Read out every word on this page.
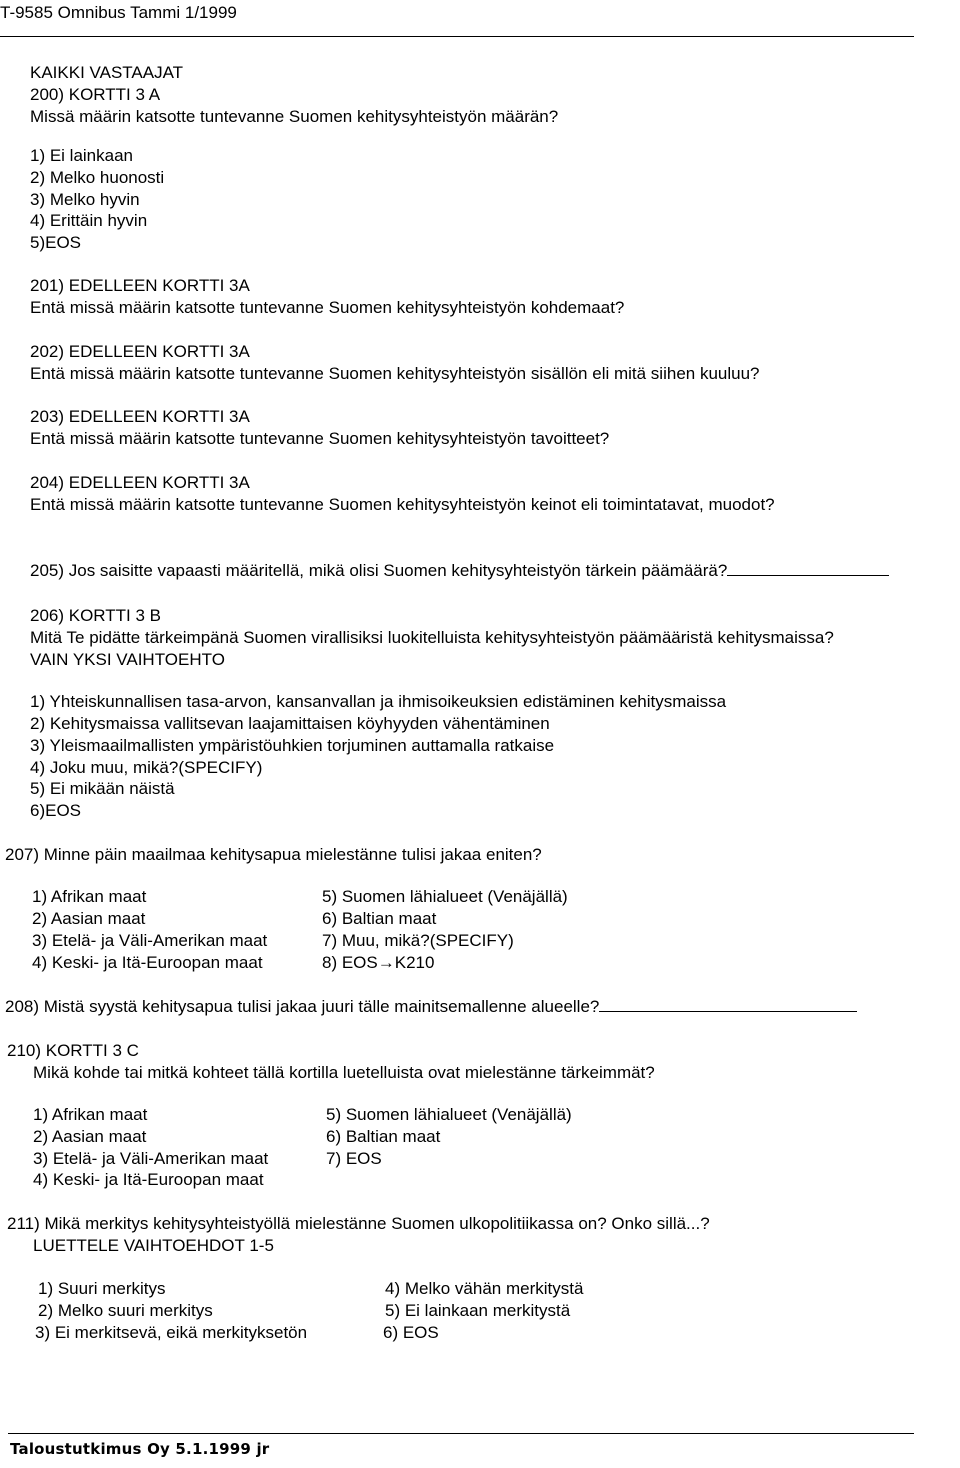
T-9585 Omnibus Tammi 1/1999
KAIKKI VASTAAJAT
200) KORTTI 3 A
Missä määrin katsotte tuntevanne Suomen kehitysyhteistyön määrän?
1) Ei lainkaan
2) Melko huonosti
3) Melko hyvin
4) Erittäin hyvin
5)EOS
201) EDELLEEN KORTTI 3A
Entä missä määrin katsotte tuntevanne Suomen kehitysyhteistyön kohdemaat?
202) EDELLEEN KORTTI 3A
Entä missä määrin katsotte tuntevanne Suomen kehitysyhteistyön sisällön eli mitä siihen kuuluu?
203) EDELLEEN KORTTI 3A
Entä missä määrin katsotte tuntevanne Suomen kehitysyhteistyön tavoitteet?
204) EDELLEEN KORTTI 3A
Entä missä määrin katsotte tuntevanne Suomen kehitysyhteistyön keinot eli toimintatavat, muodot?
205) Jos saisitte vapaasti määritellä, mikä olisi Suomen kehitysyhteistyön tärkein päämäärä?
206) KORTTI 3 B
Mitä Te pidätte tärkeimpänä Suomen virallisiksi luokitelluista kehitysyhteistyön päämääristä kehitysmaissa?
VAIN YKSI VAIHTOEHTO
1) Yhteiskunnallisen tasa-arvon, kansanvallan ja ihmisoikeuksien edistäminen kehitysmaissa
2) Kehitysmaissa vallitsevan laajamittaisen köyhyyden vähentäminen
3) Yleismaailmallisten ympäristöuhkien torjuminen auttamalla ratkaise
4) Joku muu, mikä?(SPECIFY)
5) Ei mikään näistä
6)EOS
207) Minne päin maailmaa kehitysapua mielestänne tulisi jakaa eniten?
1) Afrikan maat
2) Aasian maat
3) Etelä- ja Väli-Amerikan maat
4) Keski- ja Itä-Euroopan maat
5) Suomen lähialueet (Venäjällä)
6) Baltian maat
7) Muu, mikä?(SPECIFY)
8) EOS→K210
208) Mistä syystä kehitysapua tulisi jakaa juuri tälle mainitsemallenne alueelle?
210) KORTTI 3 C
Mikä kohde tai mitkä kohteet tällä kortilla luetelluista ovat mielestänne tärkeimmät?
1) Afrikan maat
2) Aasian maat
3) Etelä- ja Väli-Amerikan maat
4) Keski- ja Itä-Euroopan maat
5) Suomen lähialueet (Venäjällä)
6) Baltian maat
7) EOS
211) Mikä merkitys kehitysyhteistyöllä mielestänne Suomen ulkopolitiikassa on? Onko sillä...?
LUETTELE VAIHTOEHDOT 1-5
1) Suuri merkitys
2) Melko suuri merkitys
3) Ei merkitsevä, eikä merkityksetön
4) Melko vähän merkitystä
5) Ei lainkaan merkitystä
6) EOS
Taloustutkimus Oy 5.1.1999 jr
